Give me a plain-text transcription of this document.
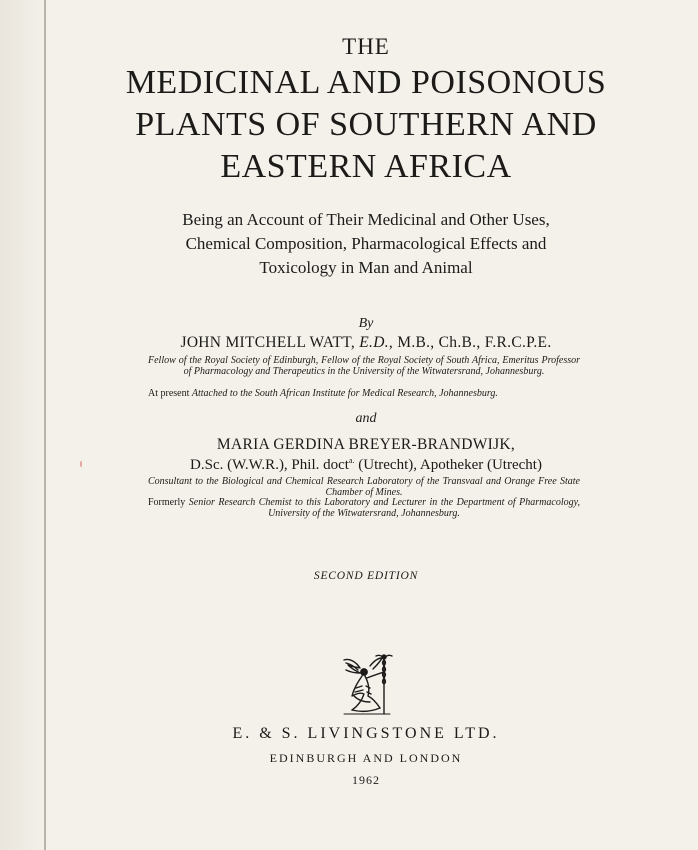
THE
MEDICINAL AND POISONOUS
PLANTS OF SOUTHERN AND
EASTERN AFRICA
Being an Account of Their Medicinal and Other Uses,
Chemical Composition, Pharmacological Effects and
Toxicology in Man and Animal
By
JOHN MITCHELL WATT, E.D., M.B., Ch.B., F.R.C.P.E.
Fellow of the Royal Society of Edinburgh, Fellow of the Royal Society of South Africa, Emeritus Professor of Pharmacology and Therapeutics in the University of the Witwatersrand, Johannesburg.
At present Attached to the South African Institute for Medical Research, Johannesburg.
and
MARIA GERDINA BREYER-BRANDWIJK,
D.Sc. (W.W.R.), Phil. doct$^{a.}$ (Utrecht), Apotheker (Utrecht)
Consultant to the Biological and Chemical Research Laboratory of the Transvaal and Orange Free State Chamber of Mines.
Formerly Senior Research Chemist to this Laboratory and Lecturer in the Department of Pharmacology, University of the Witwatersrand, Johannesburg.
SECOND EDITION
E. & S. LIVINGSTONE LTD.
EDINBURGH AND LONDON
1962
